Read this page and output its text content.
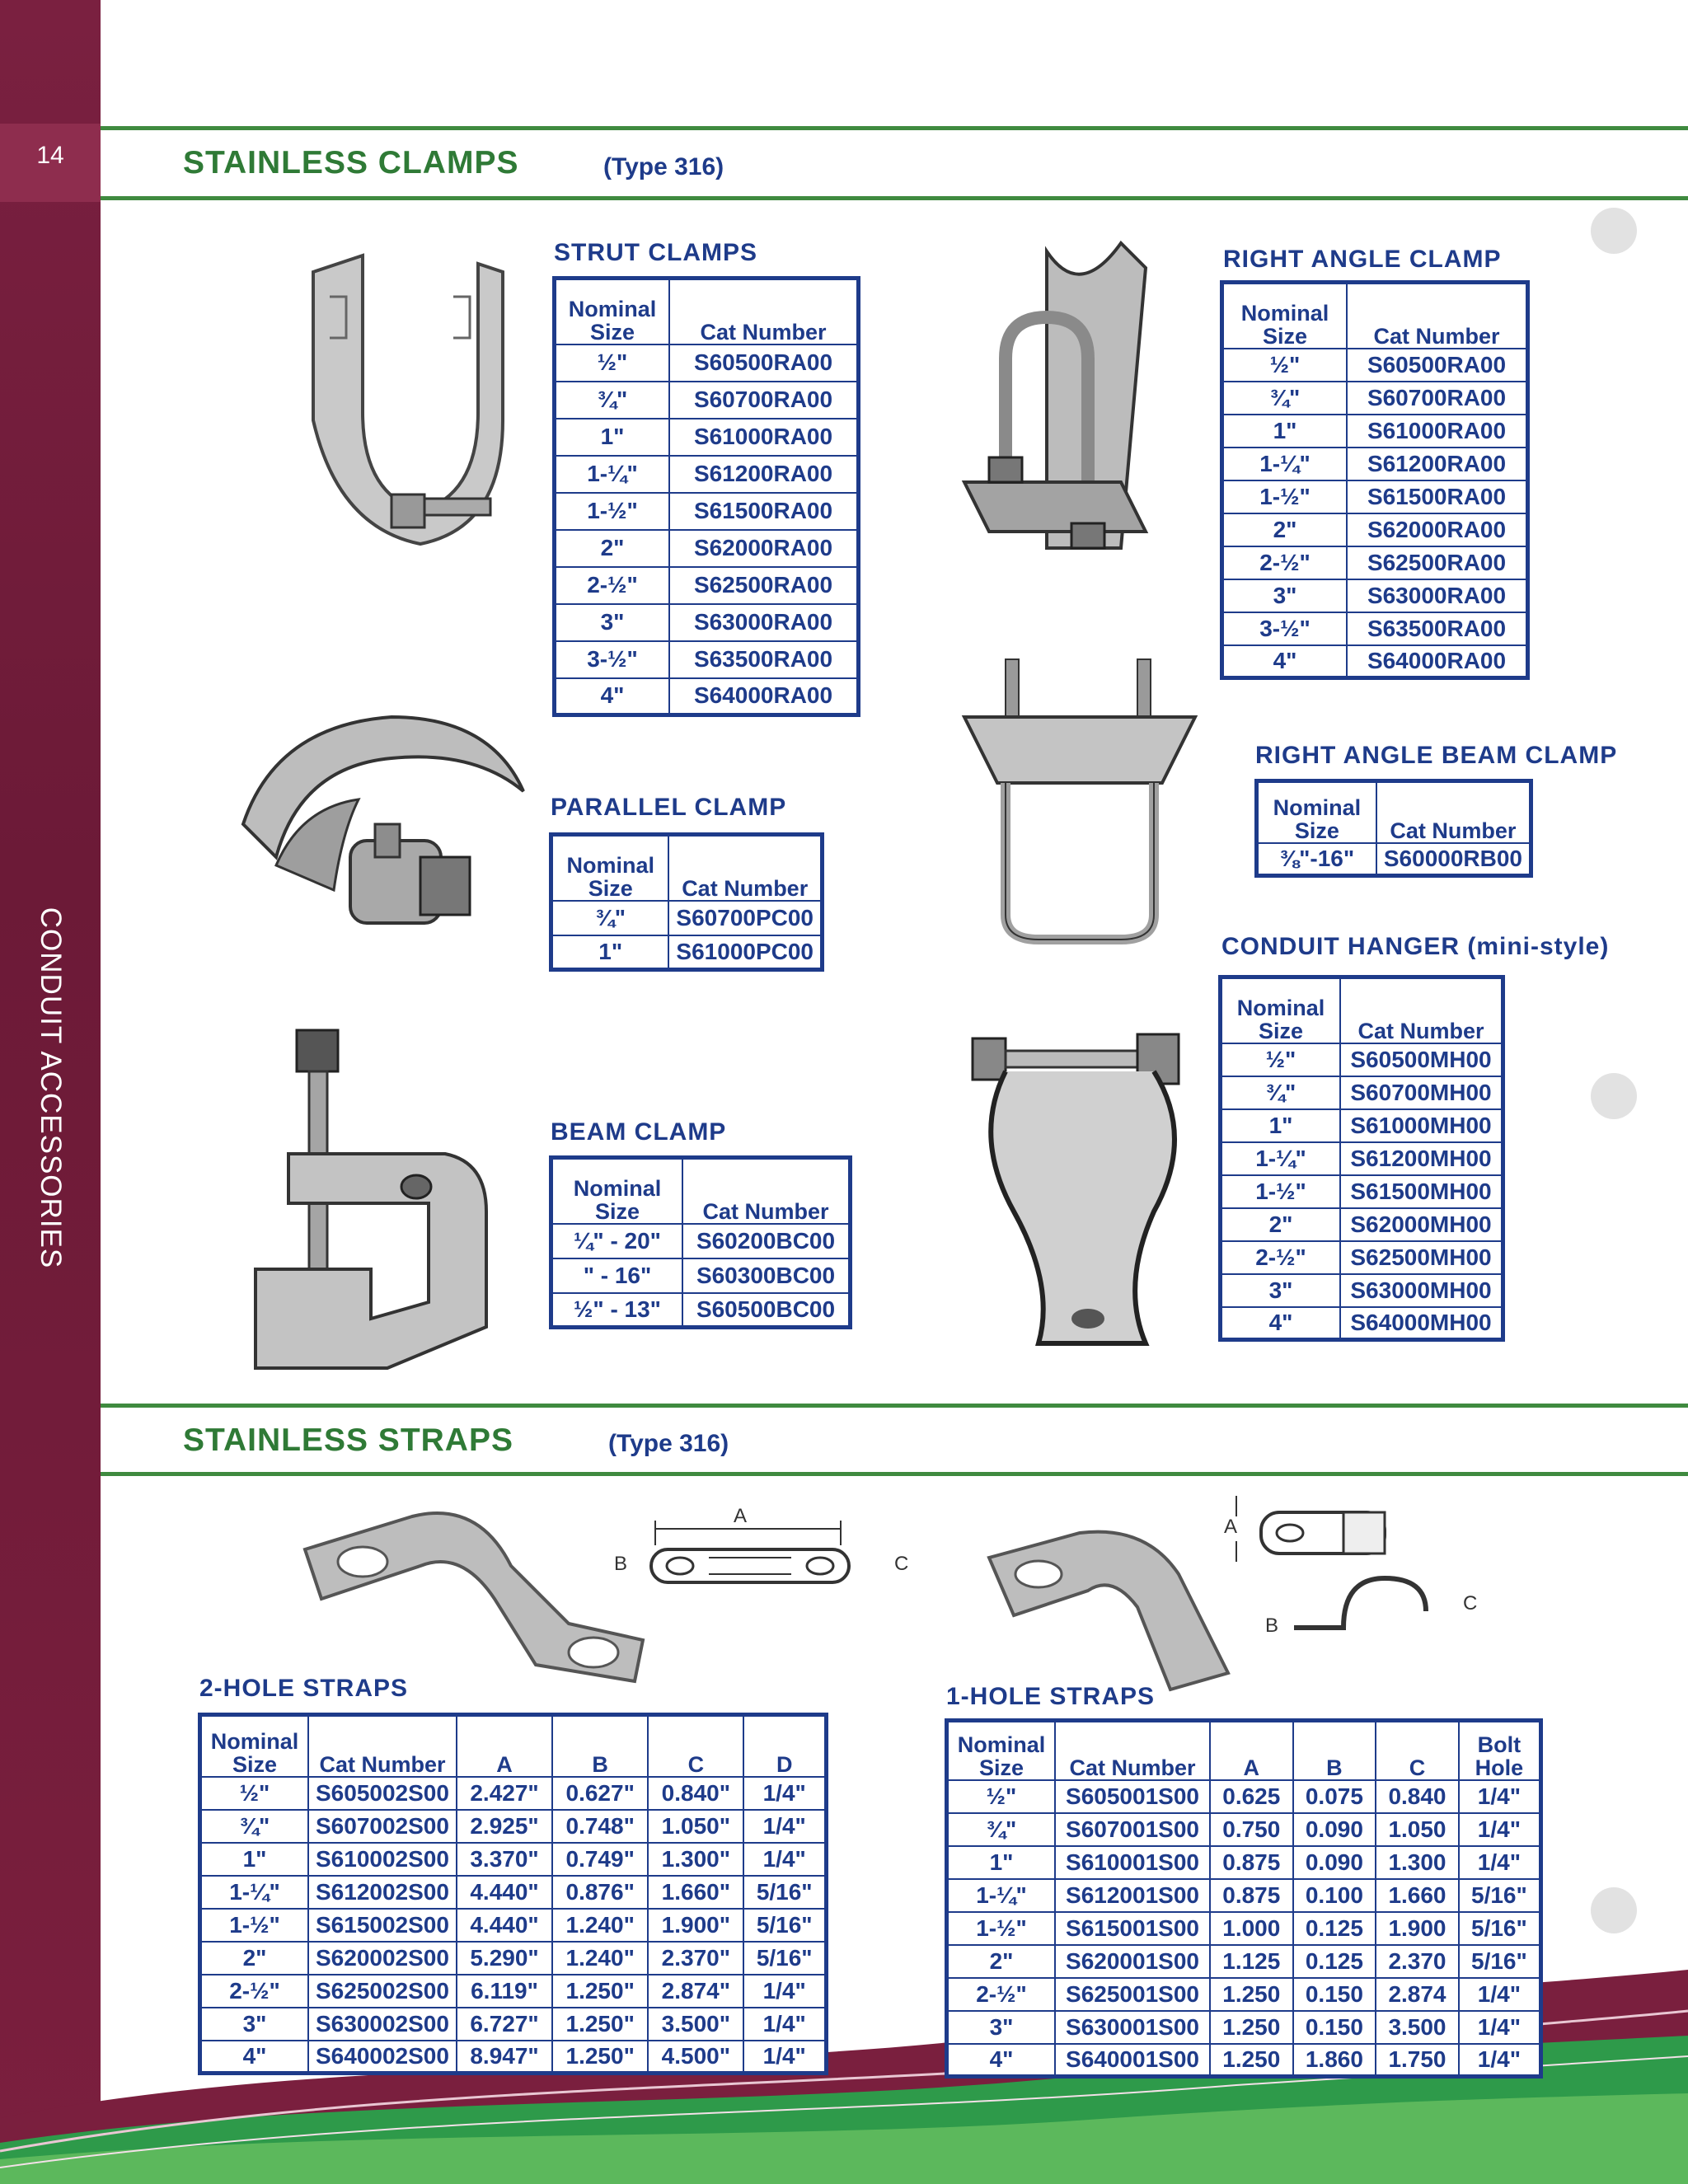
14
CONDUIT ACCESSORIES
STAINLESS CLAMPS	(Type 316)
STAINLESS STRAPS	(Type 316)
A
B	C
A
B
C
STRUT CLAMPS	RIGHT ANGLE CLAMP
PARALLEL CLAMP
RIGHT ANGLE BEAM CLAMP
BEAM CLAMP
CONDUIT HANGER (mini-style)
2-HOLE STRAPS	1-HOLE STRAPS
Nominal
Size	Cat Number
½"	S60500RA00
¾"	S60700RA00
1"	S61000RA00
1-¼"	S61200RA00
1-½"	S61500RA00
2"	S62000RA00
2-½"	S62500RA00
3"	S63000RA00
3-½"	S63500RA00
4"	S64000RA00
Nominal
Size	Cat Number
½"	S60500RA00
¾"	S60700RA00
1"	S61000RA00
1-¼"	S61200RA00
1-½"	S61500RA00
2"	S62000RA00
2-½"	S62500RA00
3"	S63000RA00
3-½"	S63500RA00
4"	S64000RA00
Nominal
Size	Cat Number
¾"	S60700PC00
1"	S61000PC00
Nominal
Size	Cat Number
⅜"-16"	S60000RB00
Nominal
Size	Cat Number
¼" - 20"	S60200BC00
" - 16"	S60300BC00
½" - 13"	S60500BC00
Nominal
Size	Cat Number
½"	S60500MH00
¾"	S60700MH00
1"	S61000MH00
1-¼"	S61200MH00
1-½"	S61500MH00
2"	S62000MH00
2-½"	S62500MH00
3"	S63000MH00
4"	S64000MH00
Nominal
Size	Cat Number	A	B	C	D
½"	S605002S00	2.427"	0.627"	0.840"	1/4"
¾"	S607002S00	2.925"	0.748"	1.050"	1/4"
1"	S610002S00	3.370"	0.749"	1.300"	1/4"
1-¼"	S612002S00	4.440"	0.876"	1.660"	5/16"
1-½"	S615002S00	4.440"	1.240"	1.900"	5/16"
2"	S620002S00	5.290"	1.240"	2.370"	5/16"
2-½"	S625002S00	6.119"	1.250"	2.874"	1/4"
3"	S630002S00	6.727"	1.250"	3.500"	1/4"
4"	S640002S00	8.947"	1.250"	4.500"	1/4"
Nominal
Size	Cat Number	A	B	C	Bolt
Hole
½"	S605001S00	0.625	0.075	0.840	1/4"
¾"	S607001S00	0.750	0.090	1.050	1/4"
1"	S610001S00	0.875	0.090	1.300	1/4"
1-¼"	S612001S00	0.875	0.100	1.660	5/16"
1-½"	S615001S00	1.000	0.125	1.900	5/16"
2"	S620001S00	1.125	0.125	2.370	5/16"
2-½"	S625001S00	1.250	0.150	2.874	1/4"
3"	S630001S00	1.250	0.150	3.500	1/4"
4"	S640001S00	1.250	1.860	1.750	1/4"
